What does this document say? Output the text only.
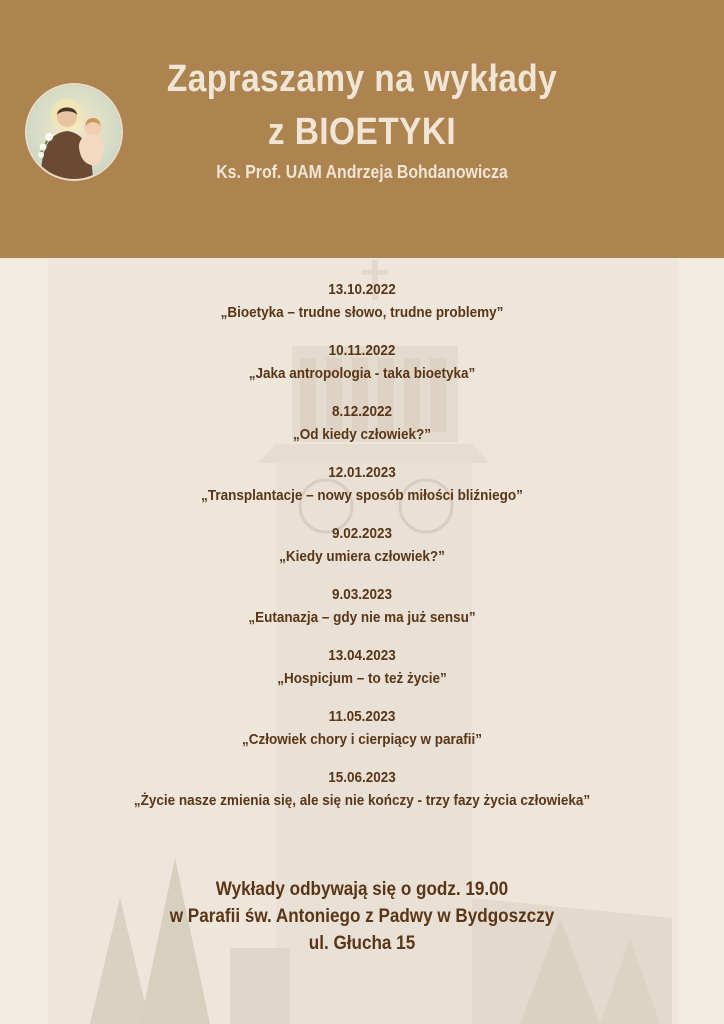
Zapraszamy na wykłady
z BIOETYKI
Ks. Prof. UAM Andrzeja Bohdanowicza
13.10.2022
„Bioetyka – trudne słowo, trudne problemy”
10.11.2022
„Jaka antropologia - taka bioetyka”
8.12.2022
„Od kiedy człowiek?”
12.01.2023
„Transplantacje – nowy sposób miłości bliźniego”
9.02.2023
„Kiedy umiera człowiek?”
9.03.2023
„Eutanazja – gdy nie ma już sensu”
13.04.2023
„Hospicjum – to też życie”
11.05.2023
„Człowiek chory i cierpiący w parafii”
15.06.2023
„Życie nasze zmienia się, ale się nie kończy - trzy fazy życia człowieka”
Wykłady odbywają się o godz. 19.00
w Parafii św. Antoniego z Padwy w Bydgoszczy
ul. Głucha 15
